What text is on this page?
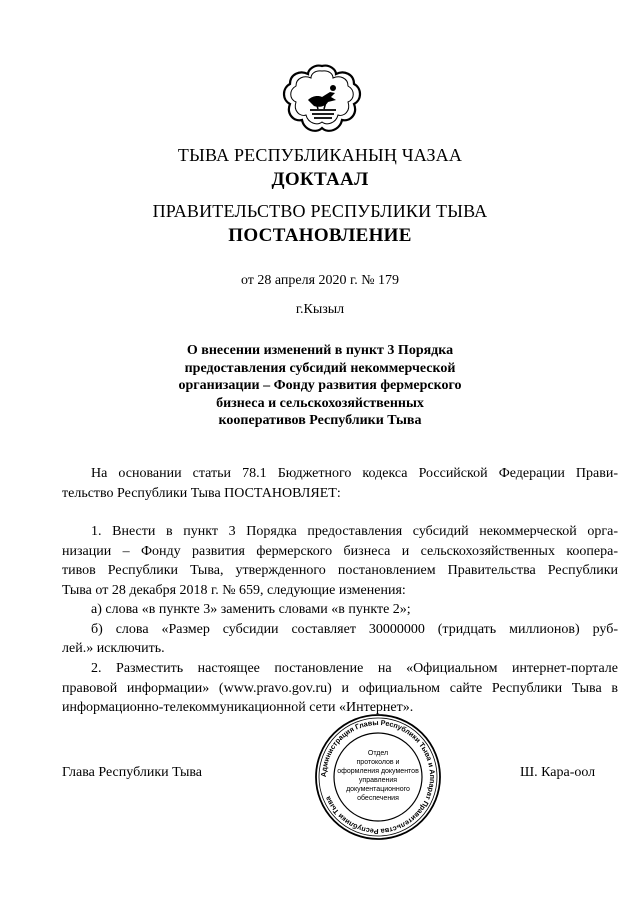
ТЫВА РЕСПУБЛИКАНЫҢ ЧАЗАА
ДОКТААЛ
ПРАВИТЕЛЬСТВО РЕСПУБЛИКИ ТЫВА
ПОСТАНОВЛЕНИЕ
от 28 апреля 2020 г. № 179
г.Кызыл
О внесении изменений в пункт 3 Порядка
предоставления субсидий некоммерческой
организации – Фонду развития фермерского
бизнеса и сельскохозяйственных
кооперативов Республики Тыва
На основании статьи 78.1 Бюджетного кодекса Российской Федерации Прави-
тельство Республики Тыва ПОСТАНОВЛЯЕТ:
1. Внести в пункт 3 Порядка предоставления субсидий некоммерческой орга-
низации – Фонду развития фермерского бизнеса и сельскохозяйственных коопера-
тивов Республики Тыва, утвержденного постановлением Правительства Республики
Тыва от 28 декабря 2018 г. № 659, следующие изменения:
а) слова «в пункте 3» заменить словами «в пункте 2»;
б) слова «Размер субсидии составляет 30000000 (тридцать миллионов) руб-
лей.» исключить.
2. Разместить настоящее постановление на «Официальном интернет-портале
правовой информации» (www.pravo.gov.ru) и официальном сайте Республики Тыва в
информационно-телекоммуникационной сети «Интернет».
Глава Республики Тыва	Ш. Кара-оол
Администрация Главы Республики Тыва и Аппарат Правительства Республики Тыва
Отдел
протоколов и
оформления документов
управления
документационного
обеспечения
